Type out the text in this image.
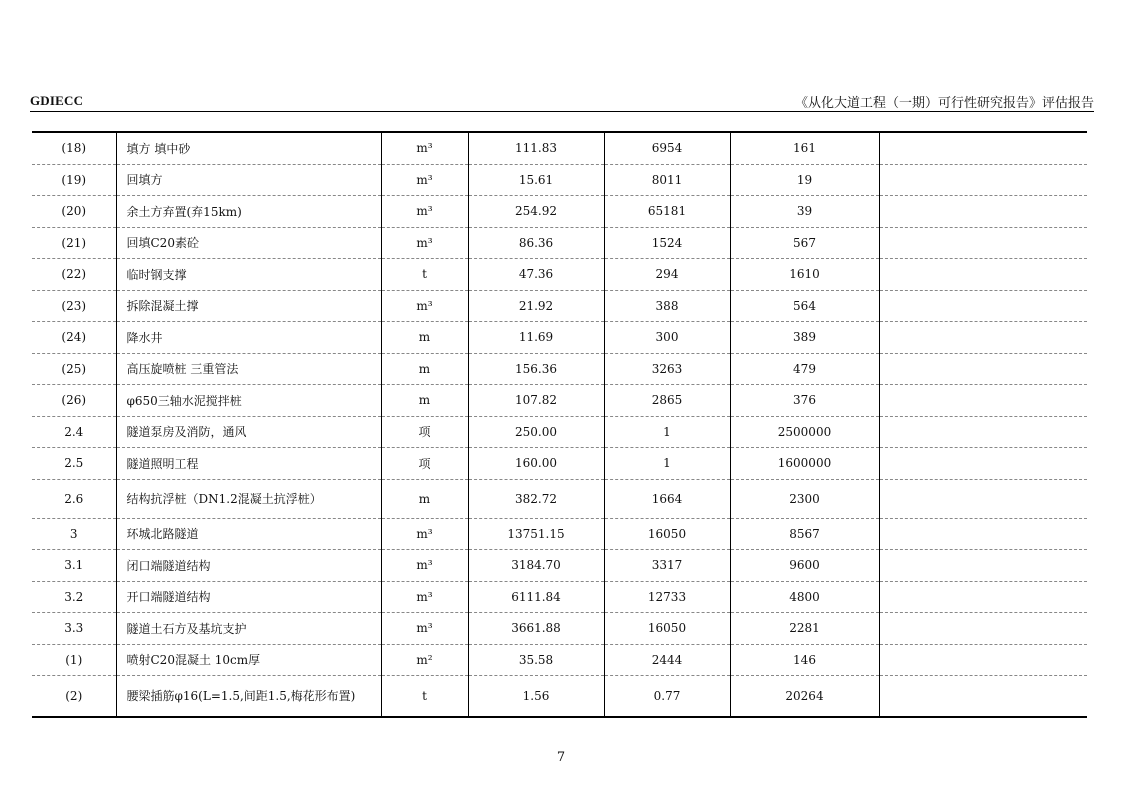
GDIECC	《从化大道工程（一期）可行性研究报告》评估报告
(18)	填方 填中砂	m³	111.83	6954	161	
(19)	回填方	m³	15.61	8011	19	
(20)	余土方弃置(弃15km)	m³	254.92	65181	39	
(21)	回填C20素砼	m³	86.36	1524	567	
(22)	临时钢支撑	t	47.36	294	1610	
(23)	拆除混凝土撑	m³	21.92	388	564	
(24)	降水井	m	11.69	300	389	
(25)	高压旋喷桩 三重管法	m	156.36	3263	479	
(26)	φ650三轴水泥搅拌桩	m	107.82	2865	376	
2.4	隧道泵房及消防，通风	项	250.00	1	2500000	
2.5	隧道照明工程	项	160.00	1	1600000	
2.6	结构抗浮桩（DN1.2混凝土抗浮桩）	m	382.72	1664	2300	
3	环城北路隧道	m³	13751.15	16050	8567	
3.1	闭口端隧道结构	m³	3184.70	3317	9600	
3.2	开口端隧道结构	m³	6111.84	12733	4800	
3.3	隧道土石方及基坑支护	m³	3661.88	16050	2281	
(1)	喷射C20混凝土 10cm厚	m²	35.58	2444	146	
(2)	腰梁插筋φ16(L=1.5,间距1.5,梅花形布置)	t	1.56	0.77	20264	
7
